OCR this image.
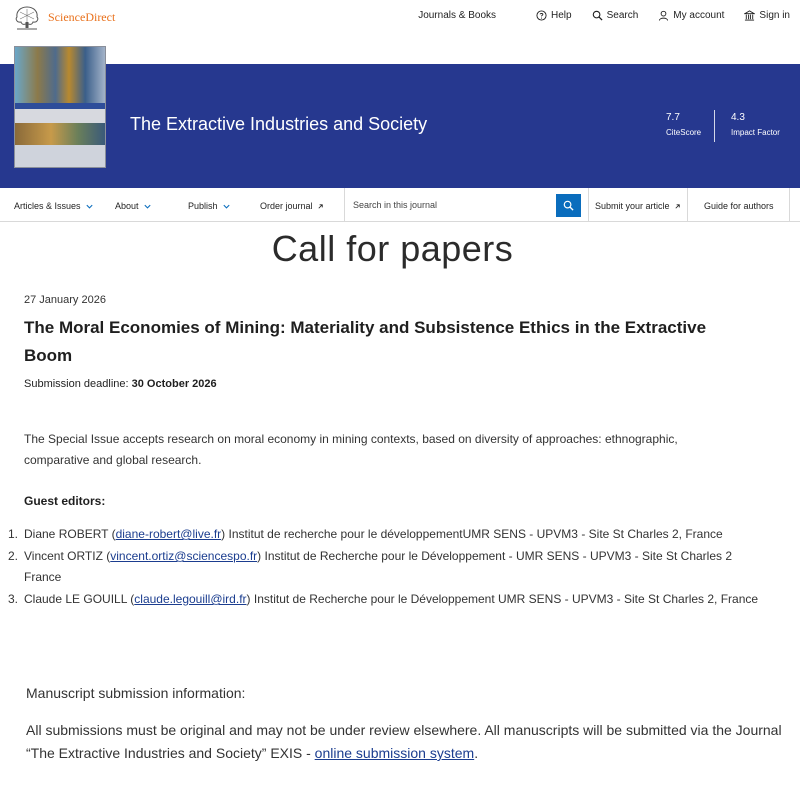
ScienceDirect	Journals & Books	Help	Search	My account	Sign in
The Extractive Industries and Society	7.7
CiteScore
4.3
Impact Factor
Articles & Issues	About	Publish	Order journal	Submit your article	Guide for authors
Search in this journal
Call for papers
27 January 2026
The Moral Economies of Mining: Materiality and Subsistence Ethics in the Extractive Boom
Submission deadline: 30 October 2026
The Special Issue accepts research on moral economy in mining contexts, based on diversity of approaches: ethnographic, comparative and global research.
Guest editors:
1. Diane ROBERT (diane-robert@live.fr) Institut de recherche pour le développementUMR SENS - UPVM3 - Site St Charles 2, France
2. Vincent ORTIZ (vincent.ortiz@sciencespo.fr) Institut de Recherche pour le Développement - UMR SENS - UPVM3 - Site St Charles 2 France
3. Claude LE GOUILL (claude.legouill@ird.fr) Institut de Recherche pour le Développement UMR SENS - UPVM3 - Site St Charles 2, France
Manuscript submission information:
All submissions must be original and may not be under review elsewhere. All manuscripts will be submitted via the Journal “The Extractive Industries and Society” EXIS - online submission system.
